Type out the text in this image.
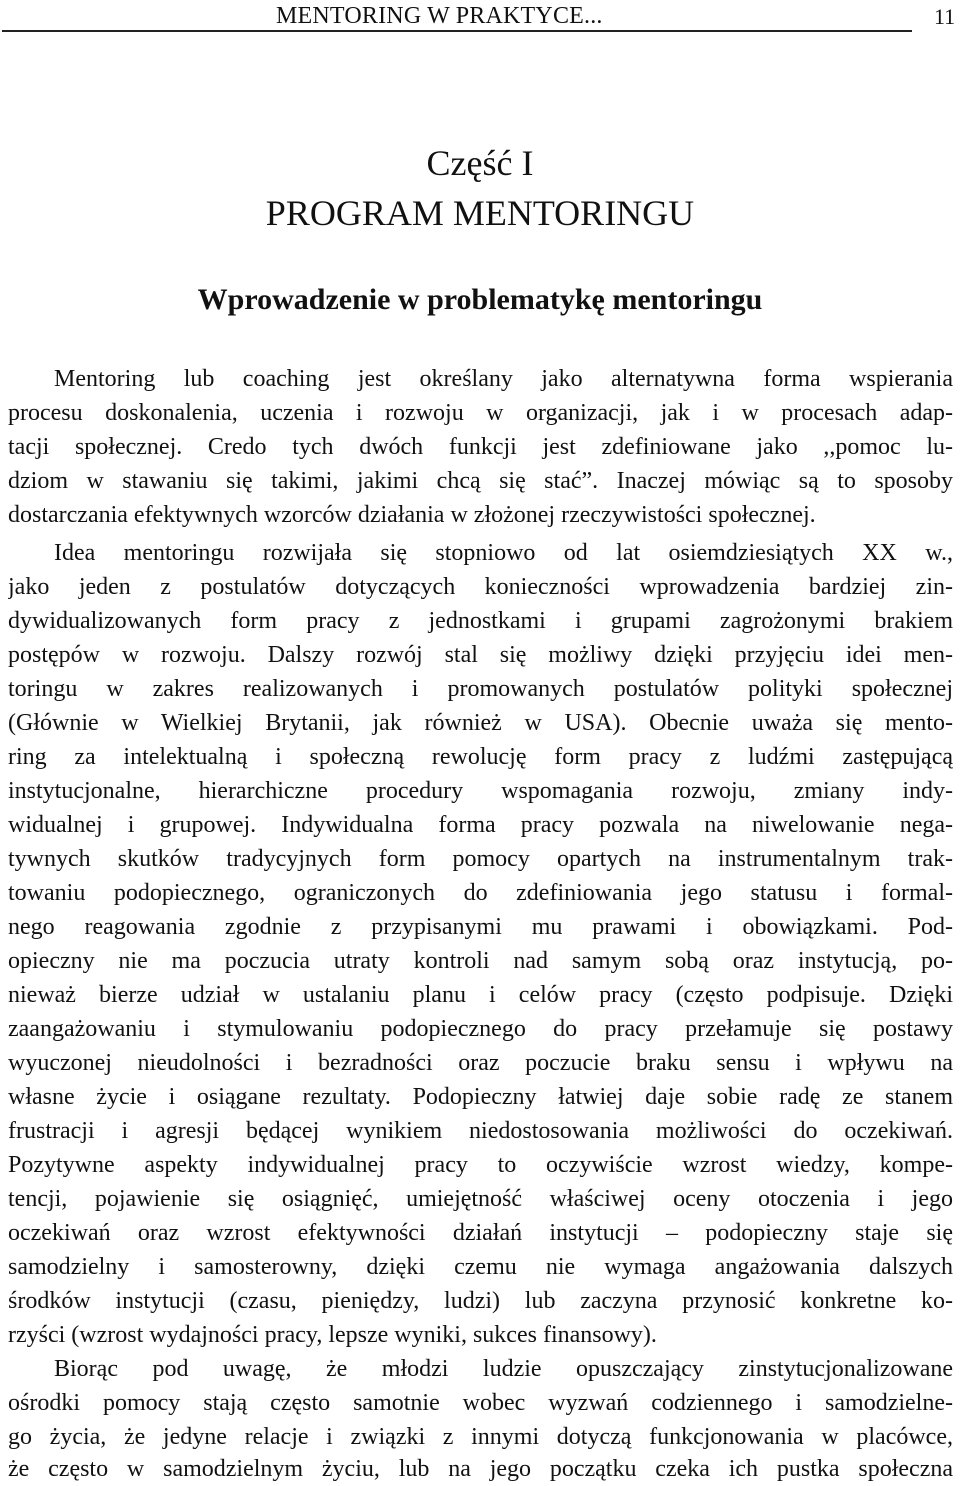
MENTORING W PRAKTYCE...	11
Część I
PROGRAM MENTORINGU
Wprowadzenie w problematykę mentoringu
Mentoring lub coaching jest określany jako alternatywna forma wspierania
procesu doskonalenia, uczenia i rozwoju w organizacji, jak i w procesach adap-
tacji społecznej. Credo tych dwóch funkcji jest zdefiniowane jako ,,pomoc lu-
dziom w stawaniu się takimi, jakimi chcą się stać”. Inaczej mówiąc są to sposoby
dostarczania efektywnych wzorców działania w złożonej rzeczywistości społecznej.
Idea mentoringu rozwijała się stopniowo od lat osiemdziesiątych XX w.,
jako jeden z postulatów dotyczących konieczności wprowadzenia bardziej zin-
dywidualizowanych form pracy z jednostkami i grupami zagrożonymi brakiem
postępów w rozwoju. Dalszy rozwój stal się możliwy dzięki przyjęciu idei men-
toringu w zakres realizowanych i promowanych postulatów polityki społecznej
(Głównie w Wielkiej Brytanii, jak również w USA). Obecnie uważa się mento-
ring za intelektualną i społeczną rewolucję form pracy z ludźmi zastępującą
instytucjonalne, hierarchiczne procedury wspomagania rozwoju, zmiany indy-
widualnej i grupowej. Indywidualna forma pracy pozwala na niwelowanie nega-
tywnych skutków tradycyjnych form pomocy opartych na instrumentalnym trak-
towaniu podopiecznego, ograniczonych do zdefiniowania jego statusu i formal-
nego reagowania zgodnie z przypisanymi mu prawami i obowiązkami. Pod-
opieczny nie ma poczucia utraty kontroli nad samym sobą oraz instytucją, po-
nieważ bierze udział w ustalaniu planu i celów pracy (często podpisuje. Dzięki
zaangażowaniu i stymulowaniu podopiecznego do pracy przełamuje się postawy
wyuczonej nieudolności i bezradności oraz poczucie braku sensu i wpływu na
własne życie i osiągane rezultaty. Podopieczny łatwiej daje sobie radę ze stanem
frustracji i agresji będącej wynikiem niedostosowania możliwości do oczekiwań.
Pozytywne aspekty indywidualnej pracy to oczywiście wzrost wiedzy, kompe-
tencji, pojawienie się osiągnięć, umiejętność właściwej oceny otoczenia i jego
oczekiwań oraz wzrost efektywności działań instytucji – podopieczny staje się
samodzielny i samosterowny, dzięki czemu nie wymaga angażowania dalszych
środków instytucji (czasu, pieniędzy, ludzi) lub zaczyna przynosić konkretne ko-
rzyści (wzrost wydajności pracy, lepsze wyniki, sukces finansowy).
Biorąc pod uwagę, że młodzi ludzie opuszczający zinstytucjonalizowane
ośrodki pomocy stają często samotnie wobec wyzwań codziennego i samodzielne-
go życia, że jedyne relacje i związki z innymi dotyczą funkcjonowania w placówce,
że często w samodzielnym życiu, lub na jego początku czeka ich pustka społeczna
